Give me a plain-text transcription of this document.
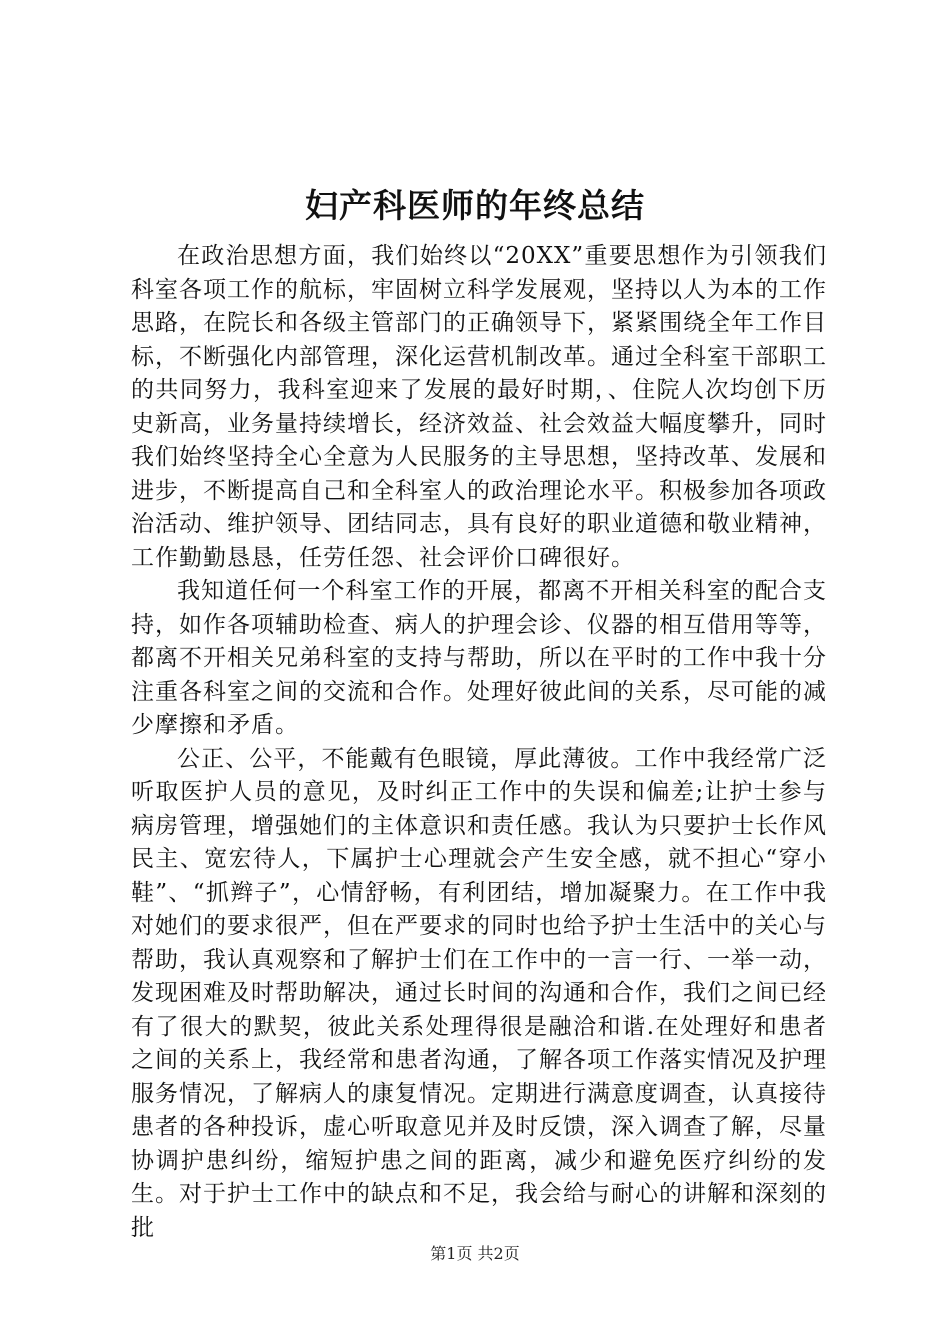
妇产科医师的年终总结

在政治思想方面，我们始终以“20XX”重要思想作为引领我们科室各项工作的航标，牢固树立科学发展观，坚持以人为本的工作思路，在院长和各级主管部门的正确领导下，紧紧围绕全年工作目标，不断强化内部管理，深化运营机制改革。通过全科室干部职工的共同努力，我科室迎来了发展的最好时期，、住院人次均创下历史新高，业务量持续增长，经济效益、社会效益大幅度攀升，同时我们始终坚持全心全意为人民服务的主导思想，坚持改革、发展和进步，不断提高自己和全科室人的政治理论水平。积极参加各项政治活动、维护领导、团结同志，具有良好的职业道德和敬业精神，工作勤勤恳恳，任劳任怨、社会评价口碑很好。

我知道任何一个科室工作的开展，都离不开相关科室的配合支持，如作各项辅助检查、病人的护理会诊、仪器的相互借用等等，都离不开相关兄弟科室的支持与帮助，所以在平时的工作中我十分注重各科室之间的交流和合作。处理好彼此间的关系，尽可能的减少摩擦和矛盾。

公正、公平，不能戴有色眼镜，厚此薄彼。工作中我经常广泛听取医护人员的意见，及时纠正工作中的失误和偏差;让护士参与病房管理，增强她们的主体意识和责任感。我认为只要护士长作风民主、宽宏待人，下属护士心理就会产生安全感，就不担心“穿小鞋”、“抓辫子”，心情舒畅，有利团结，增加凝聚力。在工作中我对她们的要求很严，但在严要求的同时也给予护士生活中的关心与帮助，我认真观察和了解护士们在工作中的一言一行、一举一动，发现困难及时帮助解决，通过长时间的沟通和合作，我们之间已经有了很大的默契，彼此关系处理得很是融洽和谐.在处理好和患者之间的关系上，我经常和患者沟通，了解各项工作落实情况及护理服务情况，了解病人的康复情况。定期进行满意度调查，认真接待患者的各种投诉，虚心听取意见并及时反馈，深入调查了解，尽量协调护患纠纷，缩短护患之间的距离，减少和避免医疗纠纷的发生。对于护士工作中的缺点和不足，我会给与耐心的讲解和深刻的批

第1页 共2页
